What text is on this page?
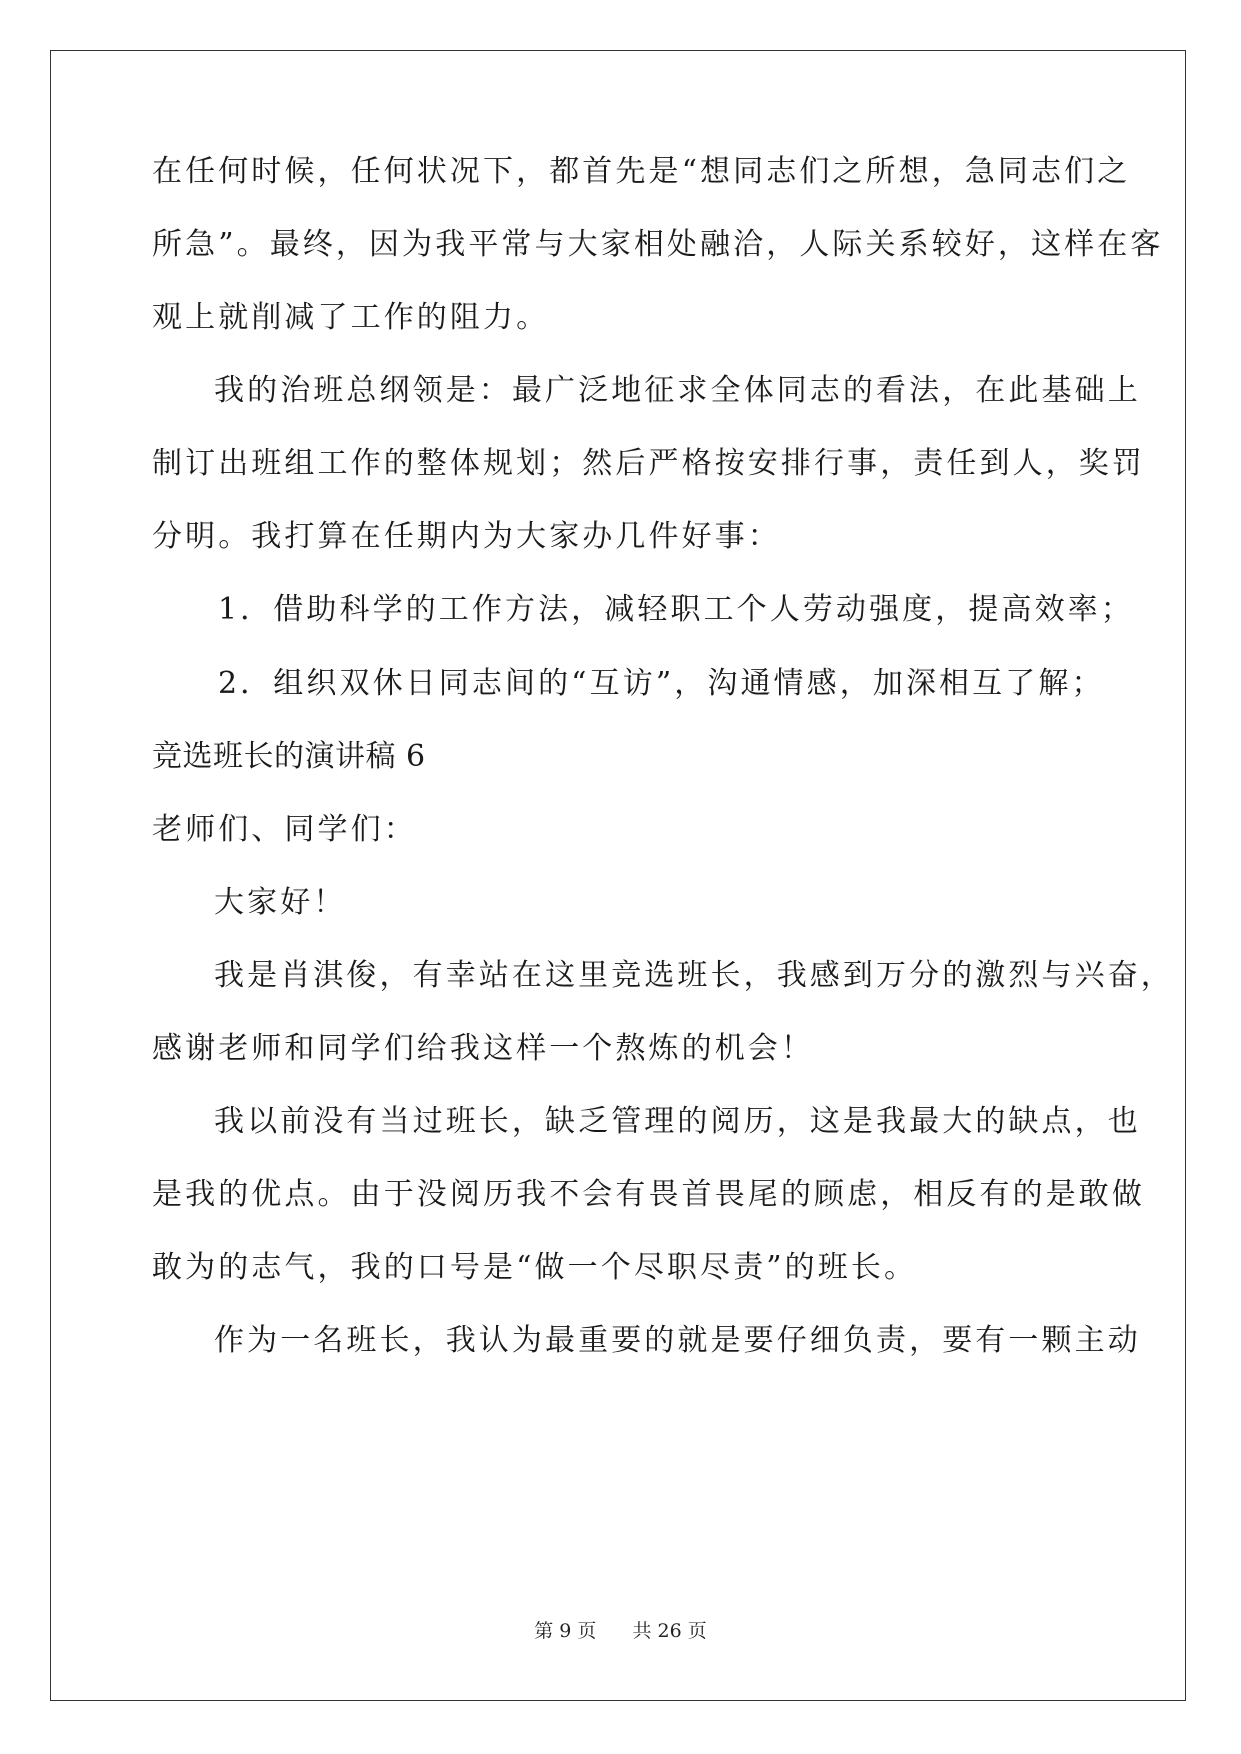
在任何时候，任何状况下，都首先是“想同志们之所想，急同志们之
所急”。最终，因为我平常与大家相处融洽，人际关系较好，这样在客
观上就削减了工作的阻力。
我的治班总纲领是：最广泛地征求全体同志的看法，在此基础上
制订出班组工作的整体规划；然后严格按安排行事，责任到人，奖罚
分明。我打算在任期内为大家办几件好事：
1．借助科学的工作方法，减轻职工个人劳动强度，提高效率；
2．组织双休日同志间的“互访”，沟通情感，加深相互了解；
竞选班长的演讲稿 6
老师们、同学们：
大家好！
我是肖淇俊，有幸站在这里竞选班长，我感到万分的激烈与兴奋，
感谢老师和同学们给我这样一个熬炼的机会！
我以前没有当过班长，缺乏管理的阅历，这是我最大的缺点，也
是我的优点。由于没阅历我不会有畏首畏尾的顾虑，相反有的是敢做
敢为的志气，我的口号是“做一个尽职尽责”的班长。
作为一名班长，我认为最重要的就是要仔细负责，要有一颗主动
第 9 页 共 26 页
